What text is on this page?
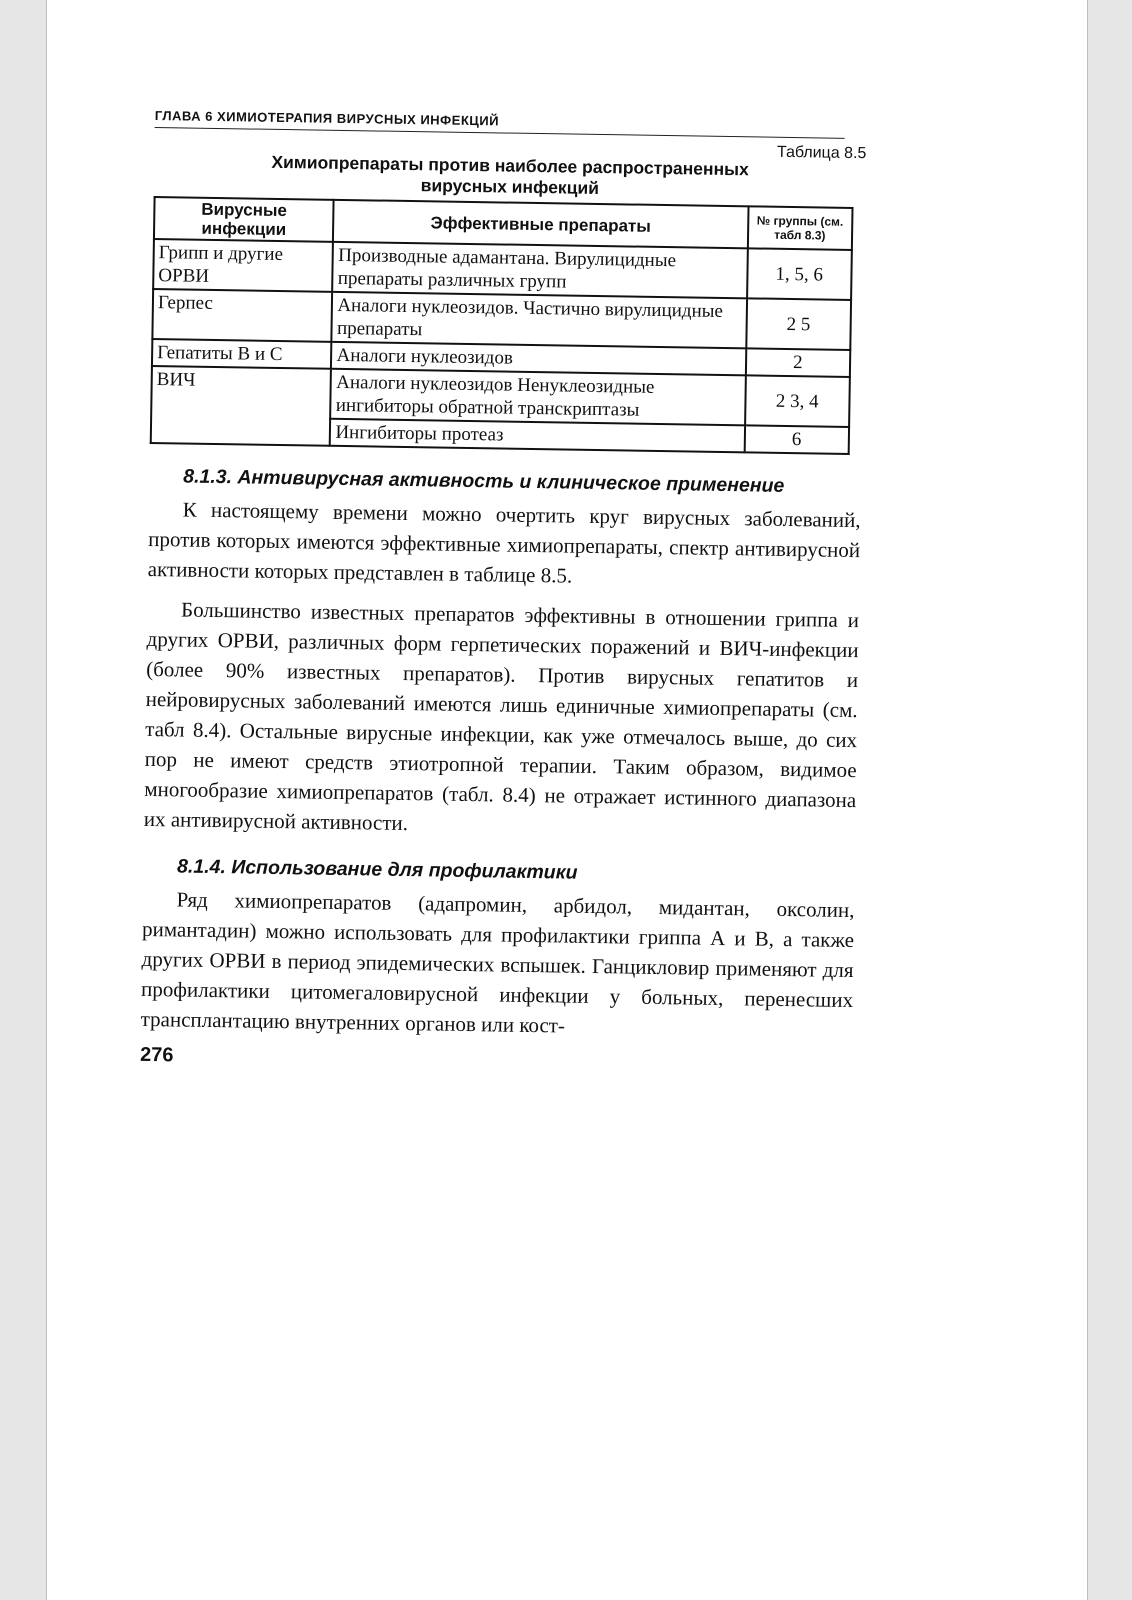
ГЛАВА 6 ХИМИОТЕРАПИЯ ВИРУСНЫХ ИНФЕКЦИЙ
Таблица 8.5
Химиопрепараты против наиболее распространенных
вирусных инфекций
Вирусные инфекции	Эффективные препараты	№ группы (см. табл 8.3)
Грипп и другие ОРВИ	Производные адамантана. Вирулицидные препараты различных групп	1, 5, 6
Герпес	Аналоги нуклеозидов. Частично вирулицидные препараты	2 5
Гепатиты В и С	Аналоги нуклеозидов	2
ВИЧ	Аналоги нуклеозидов Ненуклеозидные ингибиторы обратной транскриптазы	2 3, 4
	Ингибиторы протеаз	6
8.1.3. Антивирусная активность и клиническое применение

К настоящему времени можно очертить круг вирусных заболеваний, против которых имеются эффективные химиопрепараты, спектр антивирусной активности которых представлен в таблице 8.5.

Большинство известных препаратов эффективны в отношении гриппа и других ОРВИ, различных форм герпетических поражений и ВИЧ-инфекции (более 90% известных препаратов). Против вирусных гепатитов и нейровирусных заболеваний имеются лишь единичные химиопрепараты (см. табл 8.4). Остальные вирусные инфекции, как уже отмечалось выше, до сих пор не имеют средств этиотропной терапии. Таким образом, видимое многообразие химиопрепаратов (табл. 8.4) не отражает истинного диапазона их антивирусной активности.

8.1.4. Использование для профилактики

Ряд химиопрепаратов (адапромин, арбидол, мидантан, оксолин, римантадин) можно использовать для профилактики гриппа А и В, а также других ОРВИ в период эпидемических вспышек. Ганцикловир применяют для профилактики цитомегаловирусной инфекции у больных, перенесших трансплантацию внутренних органов или кост-

276
